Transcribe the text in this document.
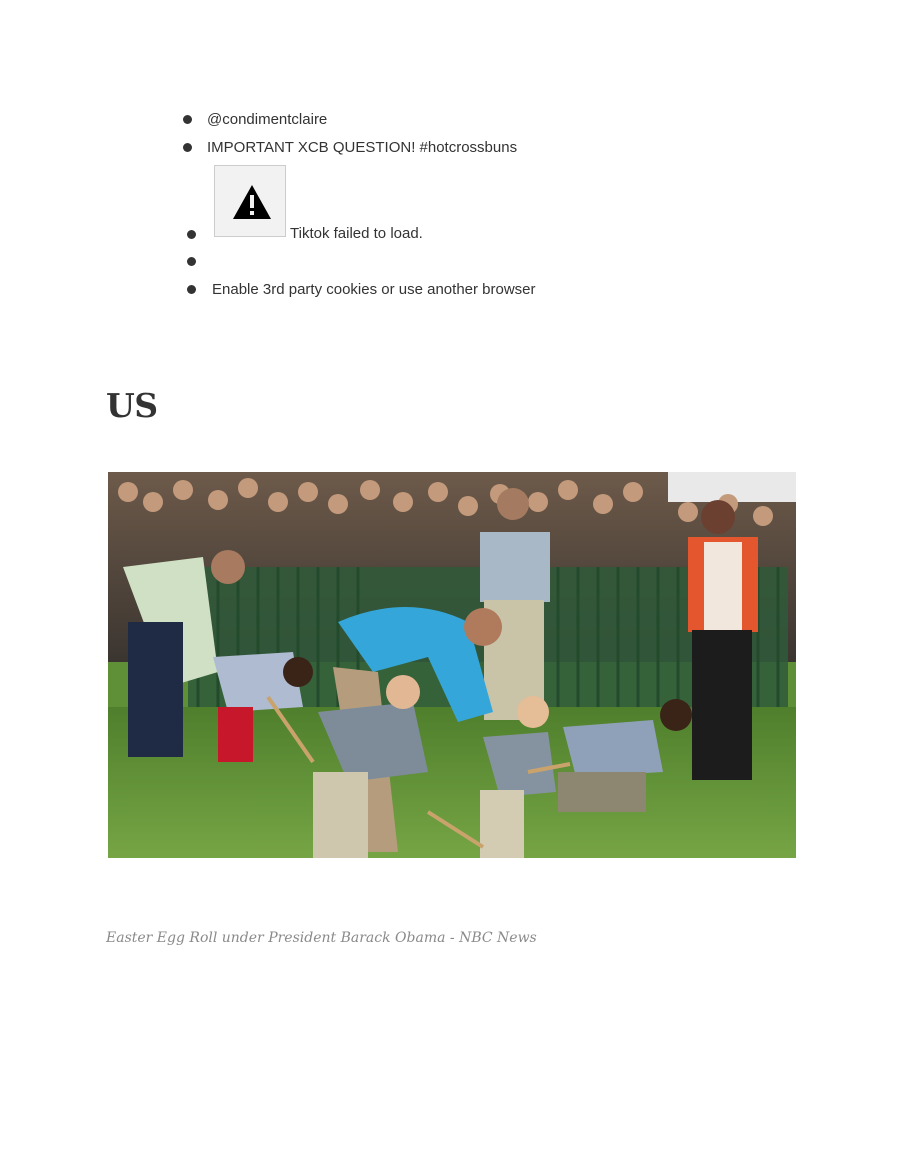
@condimentclaire
IMPORTANT XCB QUESTION! #hotcrossbuns
Tiktok failed to load.
Enable 3rd party cookies or use another browser
US

Easter Egg Roll under President Barack Obama - NBC News
